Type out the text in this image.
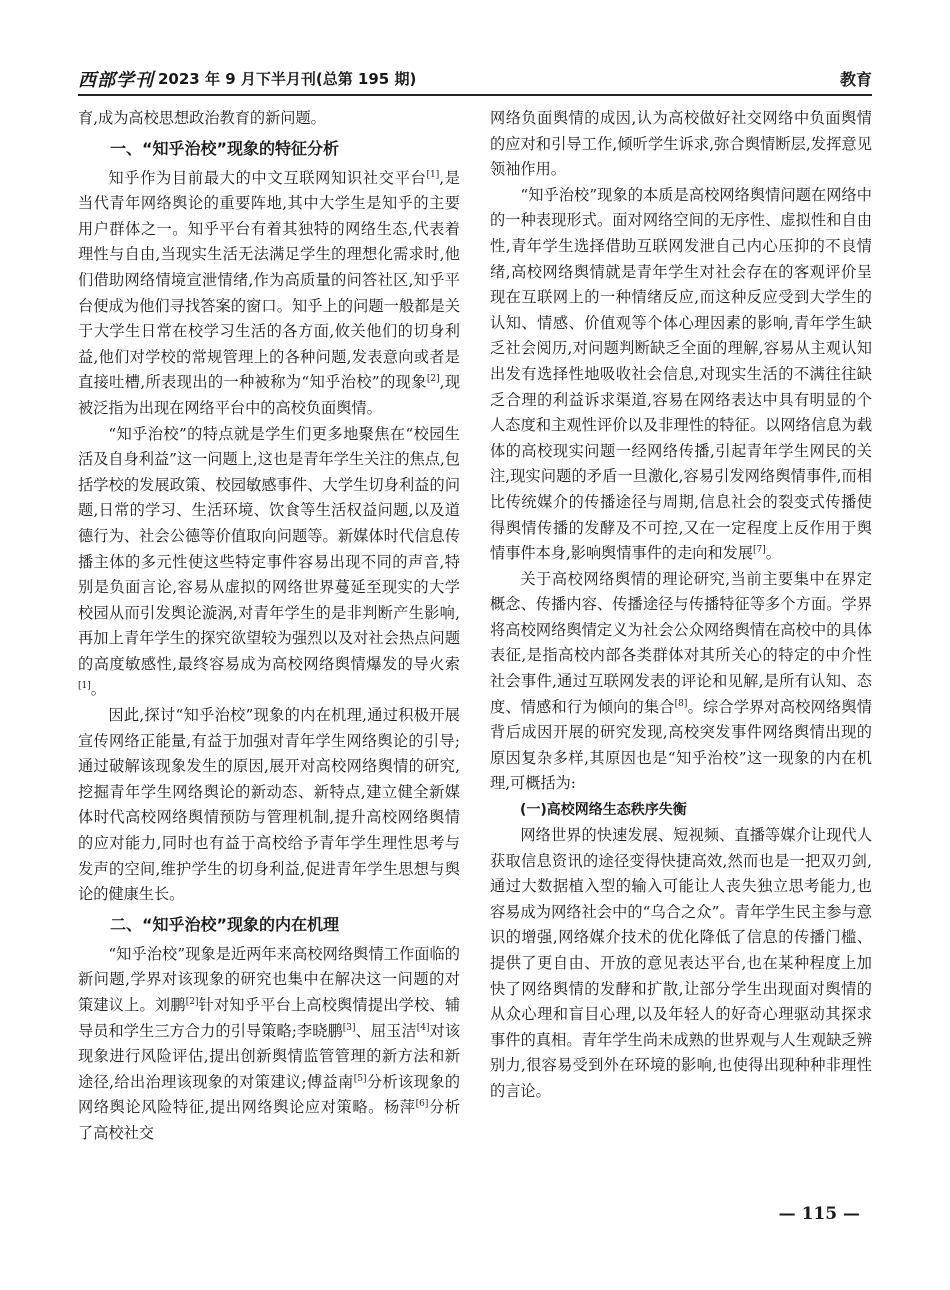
西部学刊 2023 年 9 月下半月刊(总第 195 期)	教育

育,成为高校思想政治教育的新问题。

一、“知乎治校”现象的特征分析

知乎作为目前最大的中文互联网知识社交平台[1],是当代青年网络舆论的重要阵地,其中大学生是知乎的主要用户群体之一。知乎平台有着其独特的网络生态,代表着理性与自由,当现实生活无法满足学生的理想化需求时,他们借助网络情境宣泄情绪,作为高质量的问答社区,知乎平台便成为他们寻找答案的窗口。知乎上的问题一般都是关于大学生日常在校学习生活的各方面,攸关他们的切身利益,他们对学校的常规管理上的各种问题,发表意向或者是直接吐槽,所表现出的一种被称为“知乎治校”的现象[2],现被泛指为出现在网络平台中的高校负面舆情。

“知乎治校”的特点就是学生们更多地聚焦在“校园生活及自身利益”这一问题上,这也是青年学生关注的焦点,包括学校的发展政策、校园敏感事件、大学生切身利益的问题,日常的学习、生活环境、饮食等生活权益问题,以及道德行为、社会公德等价值取向问题等。新媒体时代信息传播主体的多元性使这些特定事件容易出现不同的声音,特别是负面言论,容易从虚拟的网络世界蔓延至现实的大学校园从而引发舆论漩涡,对青年学生的是非判断产生影响,再加上青年学生的探究欲望较为强烈以及对社会热点问题的高度敏感性,最终容易成为高校网络舆情爆发的导火索[1]。

因此,探讨“知乎治校”现象的内在机理,通过积极开展宣传网络正能量,有益于加强对青年学生网络舆论的引导;通过破解该现象发生的原因,展开对高校网络舆情的研究,挖掘青年学生网络舆论的新动态、新特点,建立健全新媒体时代高校网络舆情预防与管理机制,提升高校网络舆情的应对能力,同时也有益于高校给予青年学生理性思考与发声的空间,维护学生的切身利益,促进青年学生思想与舆论的健康生长。

二、“知乎治校”现象的内在机理

“知乎治校”现象是近两年来高校网络舆情工作面临的新问题,学界对该现象的研究也集中在解决这一问题的对策建议上。刘鹏[2]针对知乎平台上高校舆情提出学校、辅导员和学生三方合力的引导策略;李晓鹏[3]、屈玉洁[4]对该现象进行风险评估,提出创新舆情监管管理的新方法和新途径,给出治理该现象的对策建议;傅益南[5]分析该现象的网络舆论风险特征,提出网络舆论应对策略。杨萍[6]分析了高校社交

网络负面舆情的成因,认为高校做好社交网络中负面舆情的应对和引导工作,倾听学生诉求,弥合舆情断层,发挥意见领袖作用。

“知乎治校”现象的本质是高校网络舆情问题在网络中的一种表现形式。面对网络空间的无序性、虚拟性和自由性,青年学生选择借助互联网发泄自己内心压抑的不良情绪,高校网络舆情就是青年学生对社会存在的客观评价呈现在互联网上的一种情绪反应,而这种反应受到大学生的认知、情感、价值观等个体心理因素的影响,青年学生缺乏社会阅历,对问题判断缺乏全面的理解,容易从主观认知出发有选择性地吸收社会信息,对现实生活的不满往往缺乏合理的利益诉求渠道,容易在网络表达中具有明显的个人态度和主观性评价以及非理性的特征。以网络信息为载体的高校现实问题一经网络传播,引起青年学生网民的关注,现实问题的矛盾一旦激化,容易引发网络舆情事件,而相比传统媒介的传播途径与周期,信息社会的裂变式传播使得舆情传播的发酵及不可控,又在一定程度上反作用于舆情事件本身,影响舆情事件的走向和发展[7]。

关于高校网络舆情的理论研究,当前主要集中在界定概念、传播内容、传播途径与传播特征等多个方面。学界将高校网络舆情定义为社会公众网络舆情在高校中的具体表征,是指高校内部各类群体对其所关心的特定的中介性社会事件,通过互联网发表的评论和见解,是所有认知、态度、情感和行为倾向的集合[8]。综合学界对高校网络舆情背后成因开展的研究发现,高校突发事件网络舆情出现的原因复杂多样,其原因也是“知乎治校”这一现象的内在机理,可概括为:

(一)高校网络生态秩序失衡

网络世界的快速发展、短视频、直播等媒介让现代人获取信息资讯的途径变得快捷高效,然而也是一把双刃剑,通过大数据植入型的输入可能让人丧失独立思考能力,也容易成为网络社会中的“乌合之众”。青年学生民主参与意识的增强,网络媒介技术的优化降低了信息的传播门槛、提供了更自由、开放的意见表达平台,也在某种程度上加快了网络舆情的发酵和扩散,让部分学生出现面对舆情的从众心理和盲目心理,以及年轻人的好奇心理驱动其探求事件的真相。青年学生尚未成熟的世界观与人生观缺乏辨别力,很容易受到外在环境的影响,也使得出现种种非理性的言论。

— 115 —
